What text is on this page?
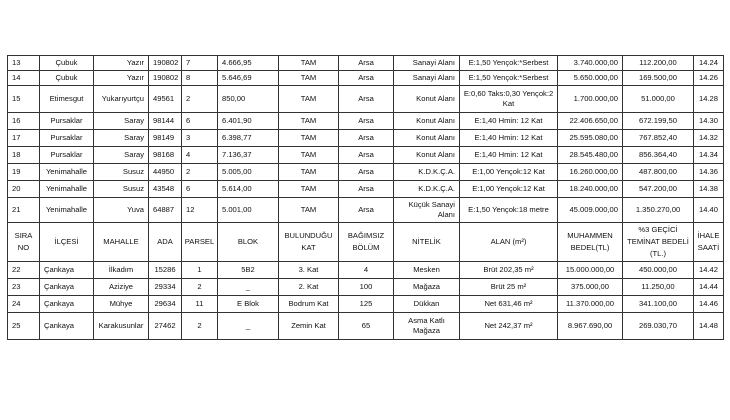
13	Çubuk	Yazır	190802	7	4.666,95	TAM	Arsa	Sanayi Alanı	E:1,50 Yençok:*Serbest	3.740.000,00	112.200,00	14.24
14	Çubuk	Yazır	190802	8	5.646,69	TAM	Arsa	Sanayi Alanı	E:1,50 Yençok:*Serbest	5.650.000,00	169.500,00	14.26
15	Etimesgut	Yukarıyurtçu	49561	2	850,00	TAM	Arsa	Konut Alanı	E:0,60 Taks:0,30 Yençok:2 Kat	1.700.000,00	51.000,00	14.28
16	Pursaklar	Saray	98144	6	6.401,90	TAM	Arsa	Konut Alanı	E:1,40 Hmin: 12 Kat	22.406.650,00	672.199,50	14.30
17	Pursaklar	Saray	98149	3	6.398,77	TAM	Arsa	Konut Alanı	E:1,40 Hmin: 12 Kat	25.595.080,00	767.852,40	14.32
18	Pursaklar	Saray	98168	4	7.136,37	TAM	Arsa	Konut Alanı	E:1,40 Hmin: 12 Kat	28.545.480,00	856.364,40	14.34
19	Yenimahalle	Susuz	44950	2	5.005,00	TAM	Arsa	K.D.K.Ç.A.	E:1,00 Yençok:12 Kat	16.260.000,00	487.800,00	14.36
20	Yenimahalle	Susuz	43548	6	5.614,00	TAM	Arsa	K.D.K.Ç.A.	E:1,00 Yençok:12 Kat	18.240.000,00	547.200,00	14.38
21	Yenimahalle	Yuva	64887	12	5.001,00	TAM	Arsa	Küçük Sanayi Alanı	E:1,50 Yençok:18 metre	45.009.000,00	1.350.270,00	14.40
SIRA NO	İLÇESİ	MAHALLE	ADA	PARSEL	BLOK	BULUNDUĞU KAT	BAĞIMSIZ BÖLÜM	NİTELİK	ALAN (m²)	MUHAMMEN BEDEL(TL)	%3 GEÇİCİ TEMİNAT BEDELİ (TL.)	İHALE SAATİ
22	Çankaya	İlkadım	15286	1	5B2	3. Kat	4	Mesken	Brüt 202,35 m²	15.000.000,00	450.000,00	14.42
23	Çankaya	Aziziye	29334	2	_	2. Kat	100	Mağaza	Brüt 25 m²	375.000,00	11.250,00	14.44
24	Çankaya	Mühye	29634	11	E Blok	Bodrum Kat	125	Dükkan	Net 631,46 m²	11.370.000,00	341.100,00	14.46
25	Çankaya	Karakusunlar	27462	2	_	Zemin Kat	65	Asma Katlı Mağaza	Net 242,37 m²	8.967.690,00	269.030,70	14.48
